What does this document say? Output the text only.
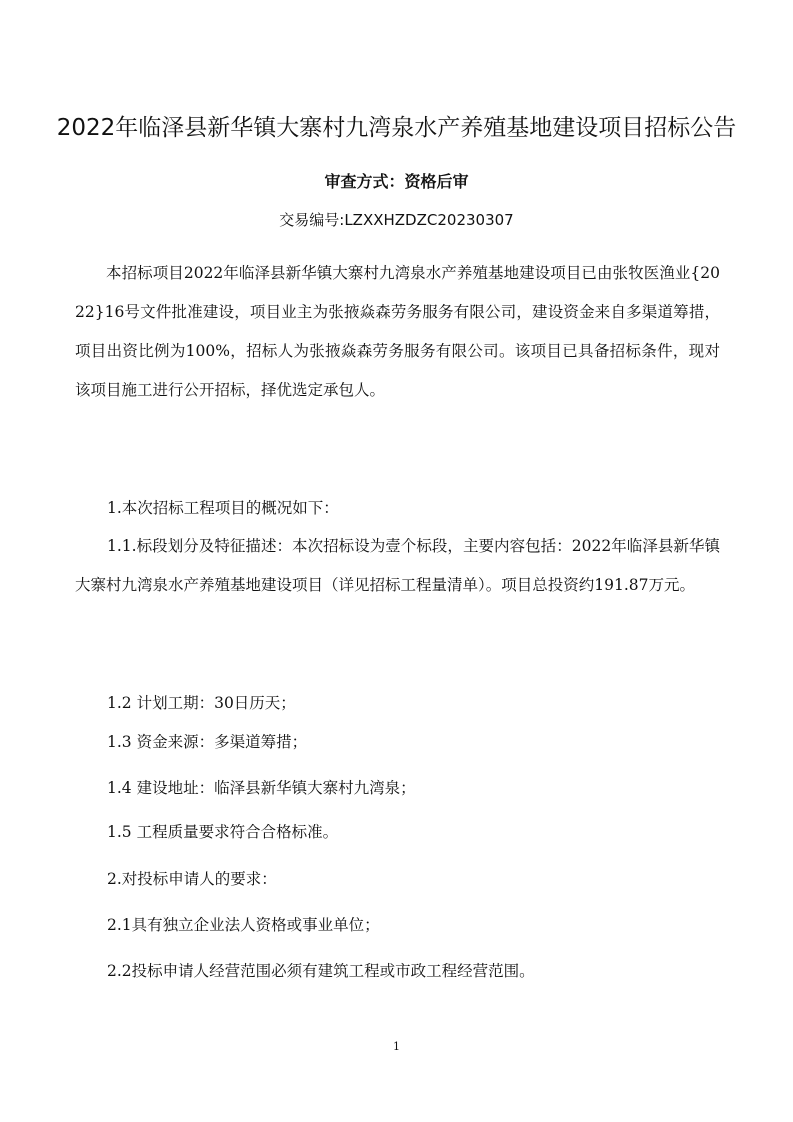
2022年临泽县新华镇大寨村九湾泉水产养殖基地建设项目招标公告
审查方式：资格后审
交易编号:LZXXHZDZC20230307
本招标项目2022年临泽县新华镇大寨村九湾泉水产养殖基地建设项目已由张牧医渔业{2022}16号文件批准建设，项目业主为张掖焱森劳务服务有限公司，建设资金来自多渠道筹措，项目出资比例为100%，招标人为张掖焱森劳务服务有限公司。该项目已具备招标条件，现对该项目施工进行公开招标，择优选定承包人。
1.本次招标工程项目的概况如下：
1.1.标段划分及特征描述：本次招标设为壹个标段，主要内容包括：2022年临泽县新华镇大寨村九湾泉水产养殖基地建设项目（详见招标工程量清单）。项目总投资约191.87万元。
1.2 计划工期：30日历天；
1.3 资金来源：多渠道筹措；
1.4 建设地址：临泽县新华镇大寨村九湾泉；
1.5 工程质量要求符合合格标准。
2.对投标申请人的要求：
2.1具有独立企业法人资格或事业单位；
2.2投标申请人经营范围必须有建筑工程或市政工程经营范围。
1
